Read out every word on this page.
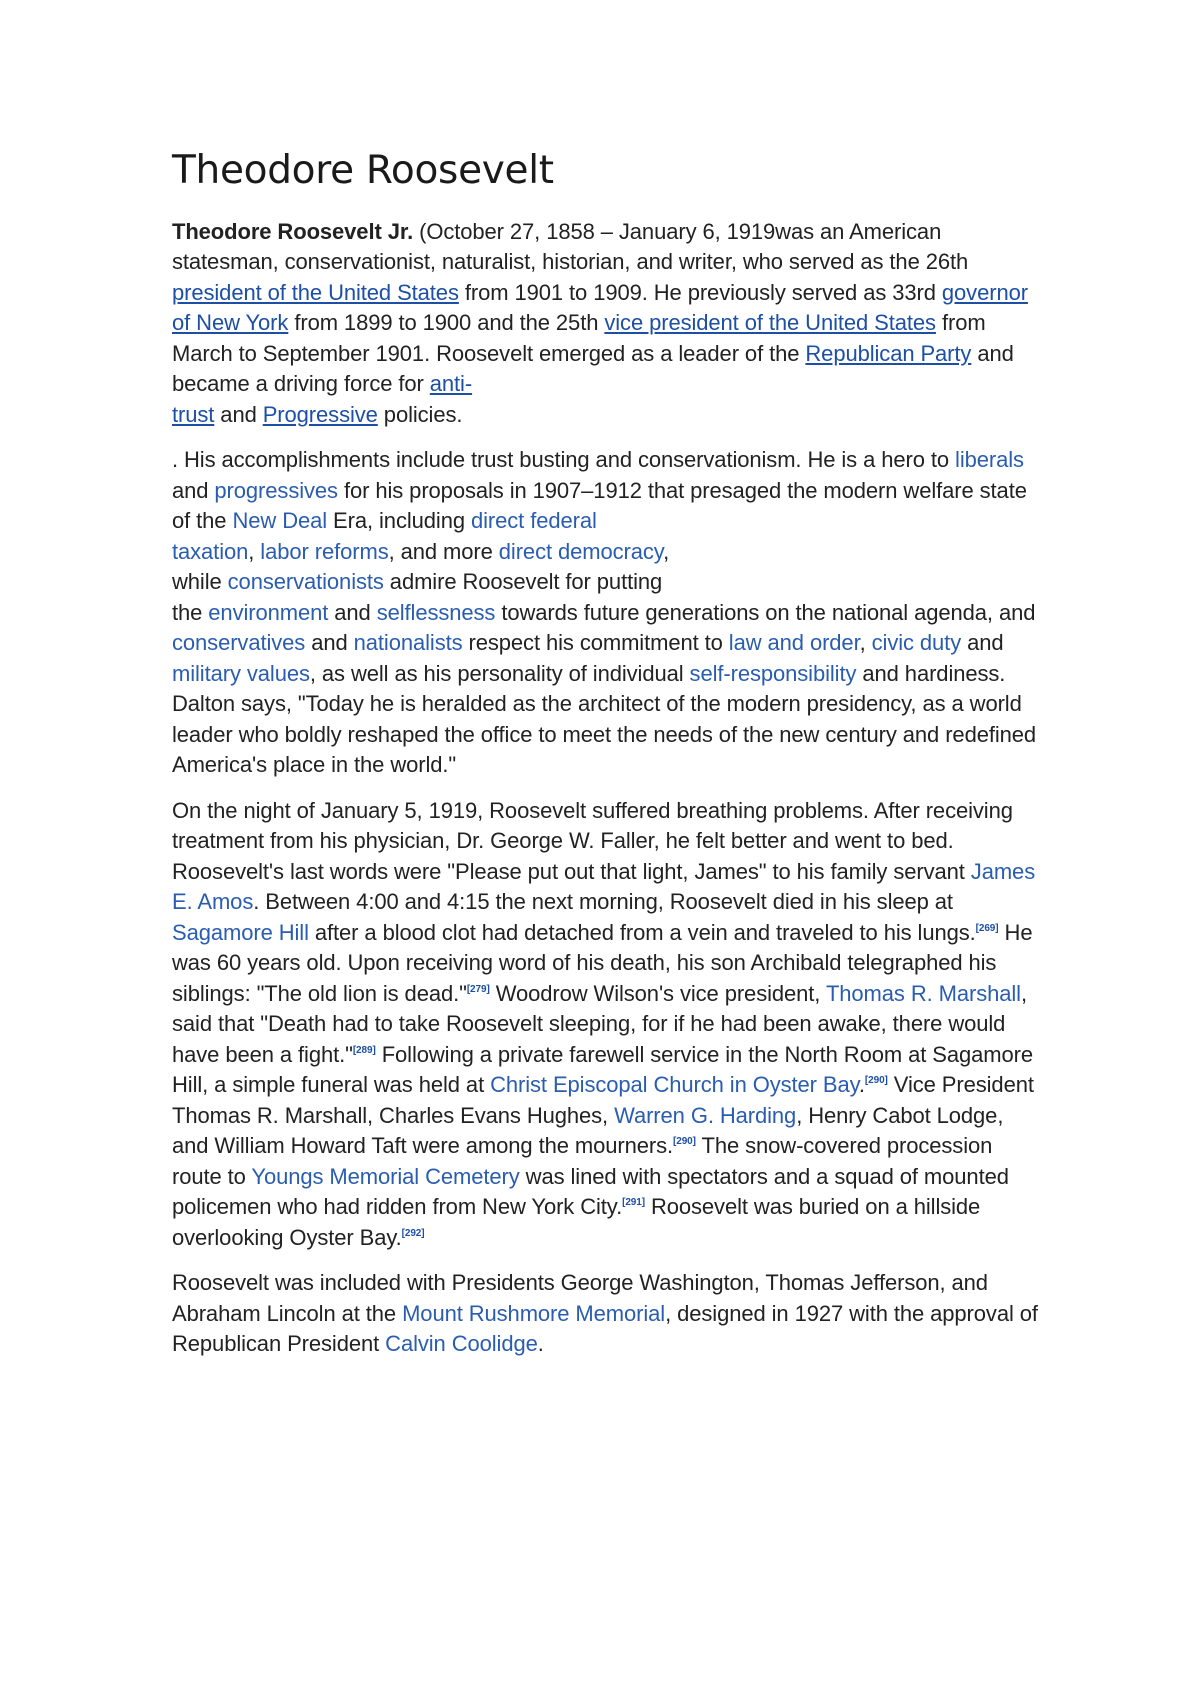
Theodore Roosevelt

Theodore Roosevelt Jr. (October 27, 1858 – January 6, 1919was an American statesman, conservationist, naturalist, historian, and writer, who served as the 26th president of the United States from 1901 to 1909. He previously served as 33rd governor of New York from 1899 to 1900 and the 25th vice president of the United States from March to September 1901. Roosevelt emerged as a leader of the Republican Party and became a driving force for anti-
trust and Progressive policies.

. His accomplishments include trust busting and conservationism. He is a hero to liberals and progressives for his proposals in 1907–1912 that presaged the modern welfare state of the New Deal Era, including direct federal
taxation, labor reforms, and more direct democracy,
while conservationists admire Roosevelt for putting
the environment and selflessness towards future generations on the national agenda, and conservatives and nationalists respect his commitment to law and order, civic duty and military values, as well as his personality of individual self-responsibility and hardiness. Dalton says, "Today he is heralded as the architect of the modern presidency, as a world leader who boldly reshaped the office to meet the needs of the new century and redefined America's place in the world."

On the night of January 5, 1919, Roosevelt suffered breathing problems. After receiving treatment from his physician, Dr. George W. Faller, he felt better and went to bed. Roosevelt's last words were "Please put out that light, James" to his family servant James E. Amos. Between 4:00 and 4:15 the next morning, Roosevelt died in his sleep at Sagamore Hill after a blood clot had detached from a vein and traveled to his lungs.[269] He was 60 years old. Upon receiving word of his death, his son Archibald telegraphed his siblings: "The old lion is dead."[279] Woodrow Wilson's vice president, Thomas R. Marshall, said that "Death had to take Roosevelt sleeping, for if he had been awake, there would have been a fight."[289] Following a private farewell service in the North Room at Sagamore Hill, a simple funeral was held at Christ Episcopal Church in Oyster Bay.[290] Vice President Thomas R. Marshall, Charles Evans Hughes, Warren G. Harding, Henry Cabot Lodge, and William Howard Taft were among the mourners.[290] The snow-covered procession route to Youngs Memorial Cemetery was lined with spectators and a squad of mounted policemen who had ridden from New York City.[291] Roosevelt was buried on a hillside overlooking Oyster Bay.[292]

Roosevelt was included with Presidents George Washington, Thomas Jefferson, and Abraham Lincoln at the Mount Rushmore Memorial, designed in 1927 with the approval of Republican President Calvin Coolidge.
